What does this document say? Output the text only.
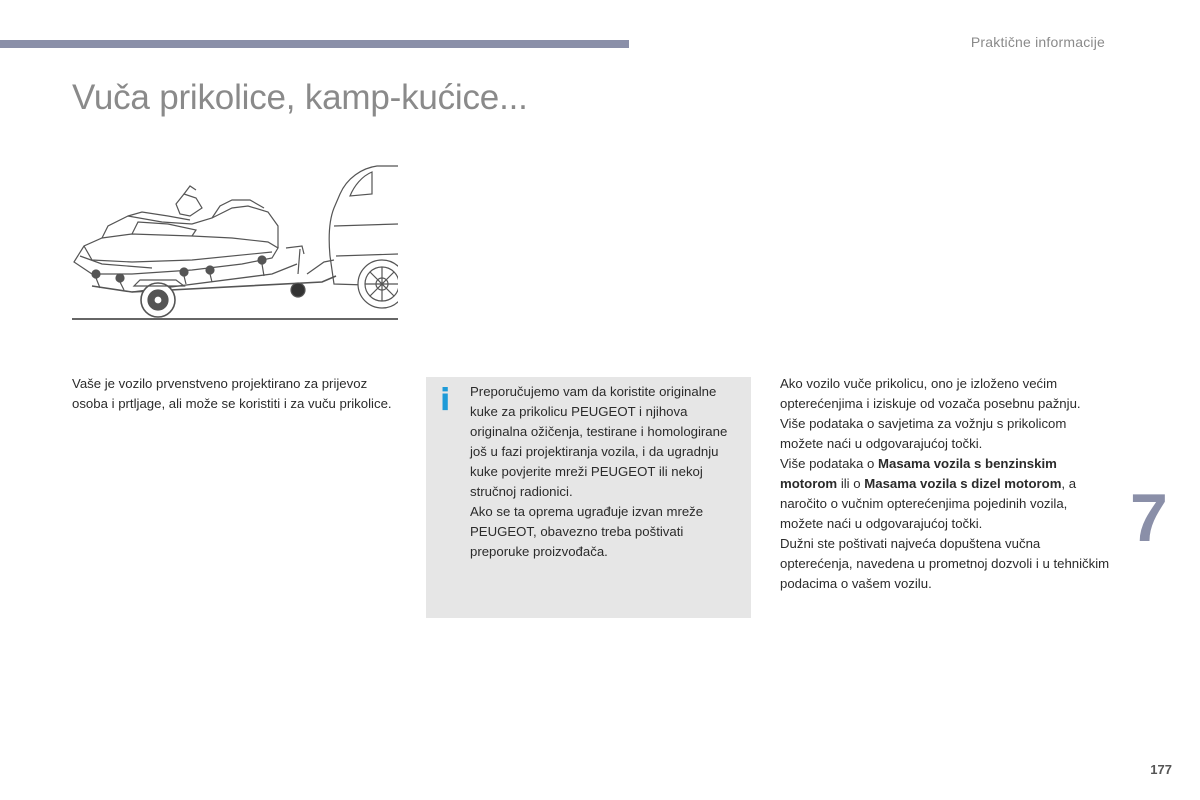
Praktične informacije
Vuča prikolice, kamp-kućice...

Vaše je vozilo prvenstveno projektirano za prijevoz osoba i prtljage, ali može se koristiti i za vuču prikolice. i Preporučujemo vam da koristite originalne kuke za prikolicu PEUGEOT i njihova originalna ožičenja, testirane i homologirane još u fazi projektiranja vozila, i da ugradnju kuke povjerite mreži PEUGEOT ili nekoj stručnoj radionici.

Ako se ta oprema ugrađuje izvan mreže PEUGEOT, obavezno treba poštivati preporuke proizvođača.

Ako vozilo vuče prikolicu, ono je izloženo većim opterećenjima i iziskuje od vozača posebnu pažnju.

Više podataka o savjetima za vožnju s prikolicom možete naći u odgovarajućoj točki.

Više podataka o Masama vozila s benzinskim motorom ili o Masama vozila s dizel motorom, a naročito o vučnim opterećenjima pojedinih vozila, možete naći u odgovarajućoj točki.

Dužni ste poštivati najveća dopuštena vučna opterećenja, navedena u prometnoj dozvoli i u tehničkim podacima o vašem vozilu.

7
177
